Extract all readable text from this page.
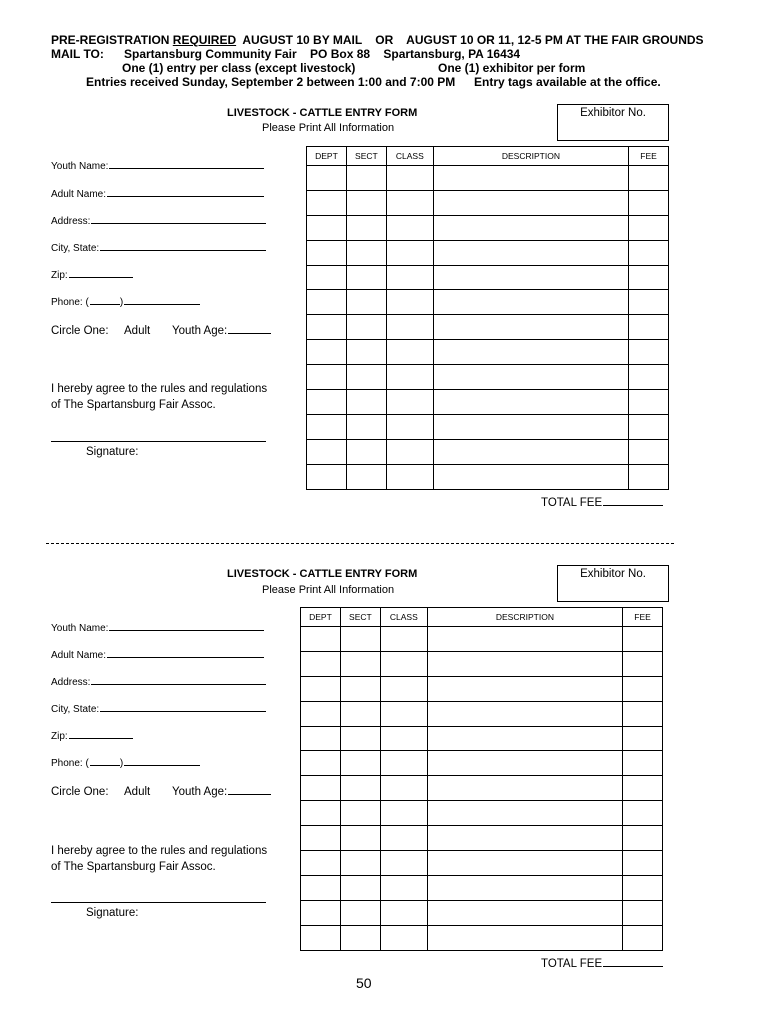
PRE-REGISTRATION REQUIRED  AUGUST 10 BY MAIL    OR    AUGUST 10 OR 11, 12-5 PM AT THE FAIR GROUNDS
MAIL TO: Spartansburg Community Fair    PO Box 88    Spartansburg, PA 16434
One (1) entry per class (except livestock)	One (1) exhibitor per form
Entries received Sunday, September 2 between 1:00 and 7:00 PM Entry tags available at the office.
LIVESTOCK - CATTLE ENTRY FORM
Please Print All Information
Exhibitor No.
Youth Name:
Adult Name:
Address:
City, State:
Zip:
Phone: (	)
Circle One: Adult Youth Age:
I hereby agree to the rules and regulations
of The Spartansburg Fair Assoc.
Signature:
DEPT	SECT	CLASS	DESCRIPTION	FEE

TOTAL FEE
LIVESTOCK - CATTLE ENTRY FORM
Please Print All Information
Exhibitor No.
Youth Name:
Adult Name:
Address:
City, State:
Zip:
Phone: (	)
Circle One: Adult Youth Age:
I hereby agree to the rules and regulations
of The Spartansburg Fair Assoc.
Signature:
DEPT	SECT	CLASS	DESCRIPTION	FEE

TOTAL FEE
50
